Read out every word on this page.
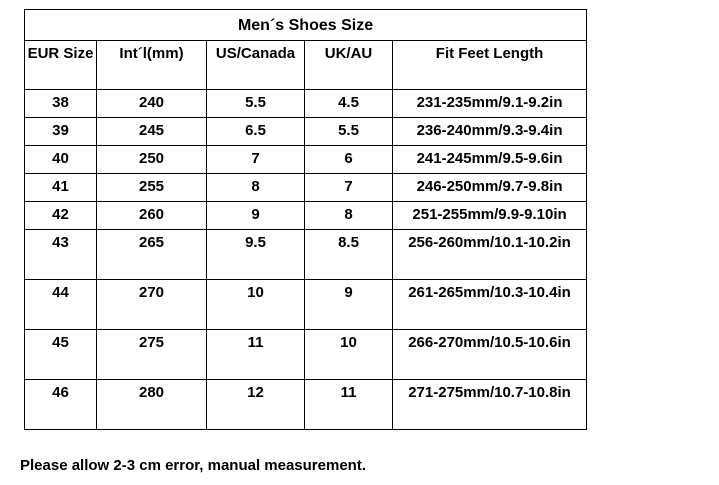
Men´s Shoes Size				
EUR Size	Int´l(mm)	US/Canada	UK/AU	Fit Feet Length
38	240	5.5	4.5	231-235mm/9.1-9.2in
39	245	6.5	5.5	236-240mm/9.3-9.4in
40	250	7	6	241-245mm/9.5-9.6in
41	255	8	7	246-250mm/9.7-9.8in
42	260	9	8	251-255mm/9.9-9.10in
43	265	9.5	8.5	256-260mm/10.1-10.2in
44	270	10	9	261-265mm/10.3-10.4in
45	275	11	10	266-270mm/10.5-10.6in
46	280	12	11	271-275mm/10.7-10.8in

Please allow 2-3 cm error, manual measurement.
